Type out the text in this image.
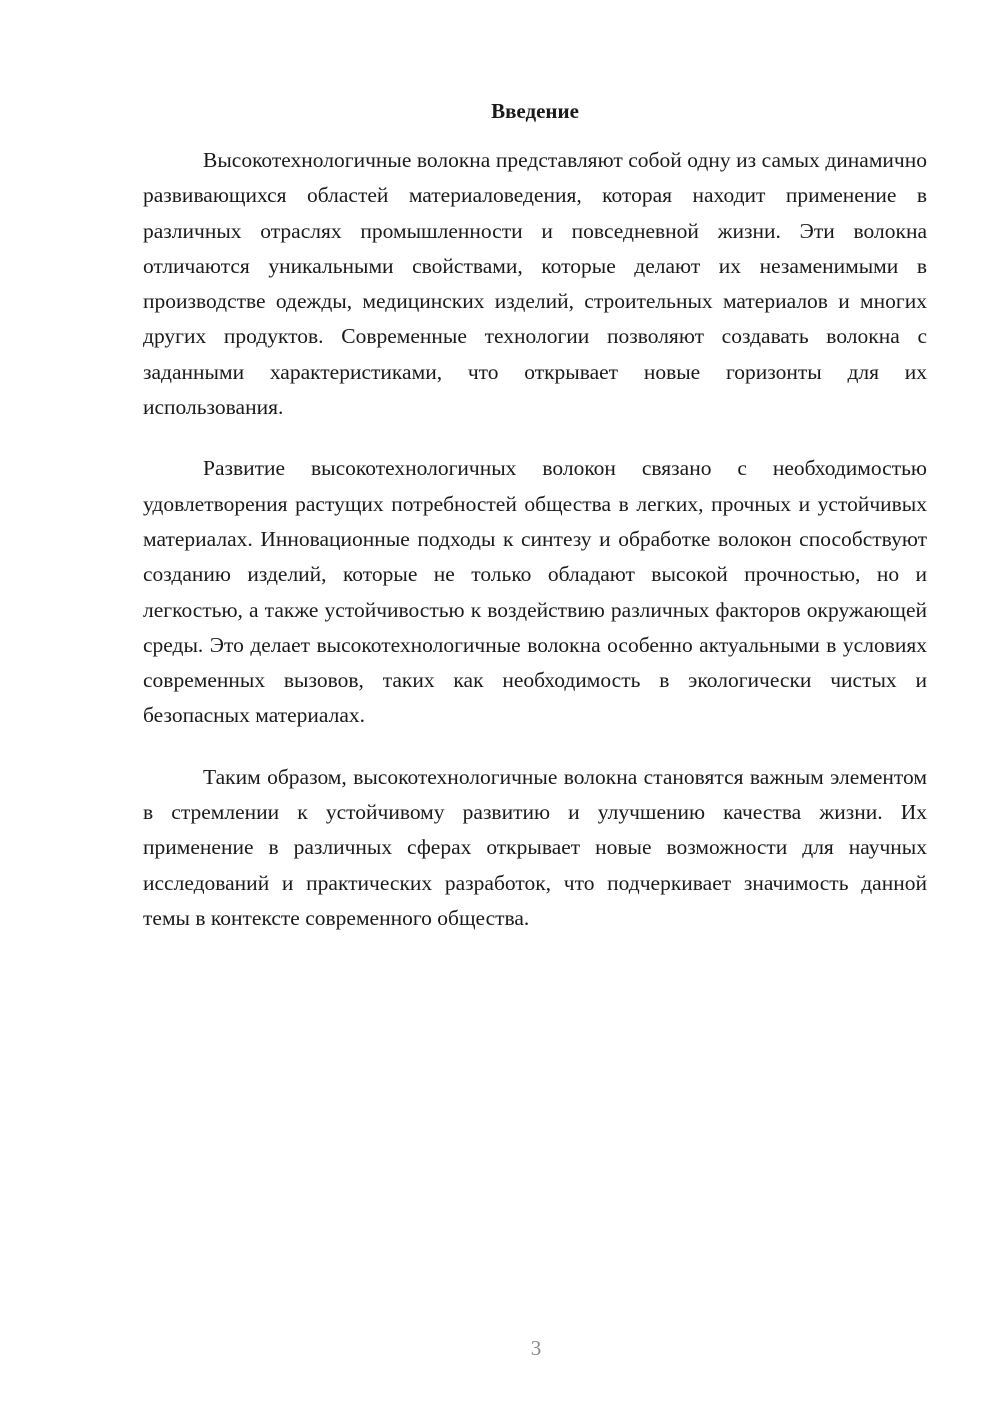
Введение

Высокотехнологичные волокна представляют собой одну из самых динамично развивающихся областей материаловедения, которая находит применение в различных отраслях промышленности и повседневной жизни. Эти волокна отличаются уникальными свойствами, которые делают их незаменимыми в производстве одежды, медицинских изделий, строительных материалов и многих других продуктов. Современные технологии позволяют создавать волокна с заданными характеристиками, что открывает новые горизонты для их использования.

Развитие высокотехнологичных волокон связано с необходимостью удовлетворения растущих потребностей общества в легких, прочных и устойчивых материалах. Инновационные подходы к синтезу и обработке волокон способствуют созданию изделий, которые не только обладают высокой прочностью, но и легкостью, а также устойчивостью к воздействию различных факторов окружающей среды. Это делает высокотехнологичные волокна особенно актуальными в условиях современных вызовов, таких как необходимость в экологически чистых и безопасных материалах.

Таким образом, высокотехнологичные волокна становятся важным элементом в стремлении к устойчивому развитию и улучшению качества жизни. Их применение в различных сферах открывает новые возможности для научных исследований и практических разработок, что подчеркивает значимость данной темы в контексте современного общества.

3
